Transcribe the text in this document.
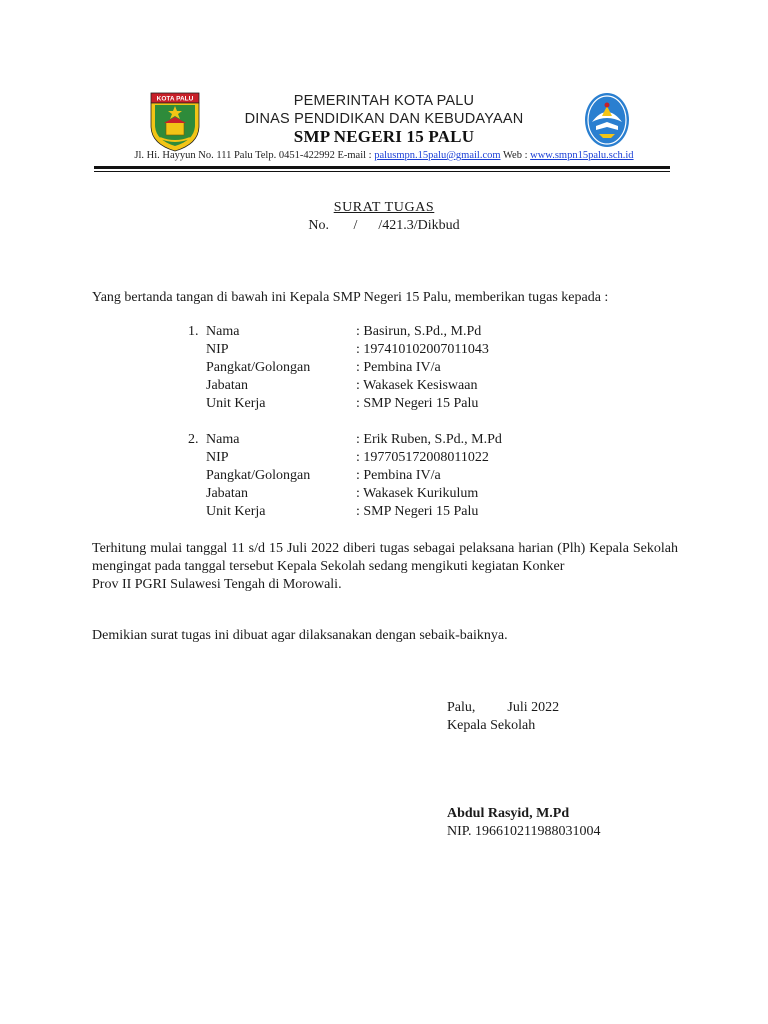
KOTA PALU	PEMERINTAH KOTA PALU
DINAS PENDIDIKAN DAN KEBUDAYAAN
SMP NEGERI 15 PALU
Jl. Hi. Hayyun No. 111 Palu Telp. 0451-422992 E-mail : palusmpn.15palu@gmail.com Web : www.smpn15palu.sch.id
SURAT TUGAS
No.       /      /421.3/Dikbud
Yang bertanda tangan di bawah ini Kepala SMP Negeri 15 Palu, memberikan tugas kepada :
1. Nama	: Basirun, S.Pd., M.Pd
NIP	: 197410102007011043
Pangkat/Golongan	: Pembina IV/a
Jabatan	: Wakasek Kesiswaan
Unit Kerja	: SMP Negeri 15 Palu
2. Nama	: Erik Ruben, S.Pd., M.Pd
NIP	: 197705172008011022
Pangkat/Golongan	: Pembina IV/a
Jabatan	: Wakasek Kurikulum
Unit Kerja	: SMP Negeri 15 Palu
Terhitung mulai tanggal 11 s/d 15 Juli 2022 diberi tugas sebagai pelaksana harian (Plh) Kepala Sekolah mengingat pada tanggal tersebut Kepala Sekolah sedang mengikuti kegiatan Konker
Prov II PGRI Sulawesi Tengah di Morowali.
Demikian surat tugas ini dibuat agar dilaksanakan dengan sebaik-baiknya.
Palu, Juli 2022
Kepala Sekolah
Abdul Rasyid, M.Pd
NIP. 196610211988031004
